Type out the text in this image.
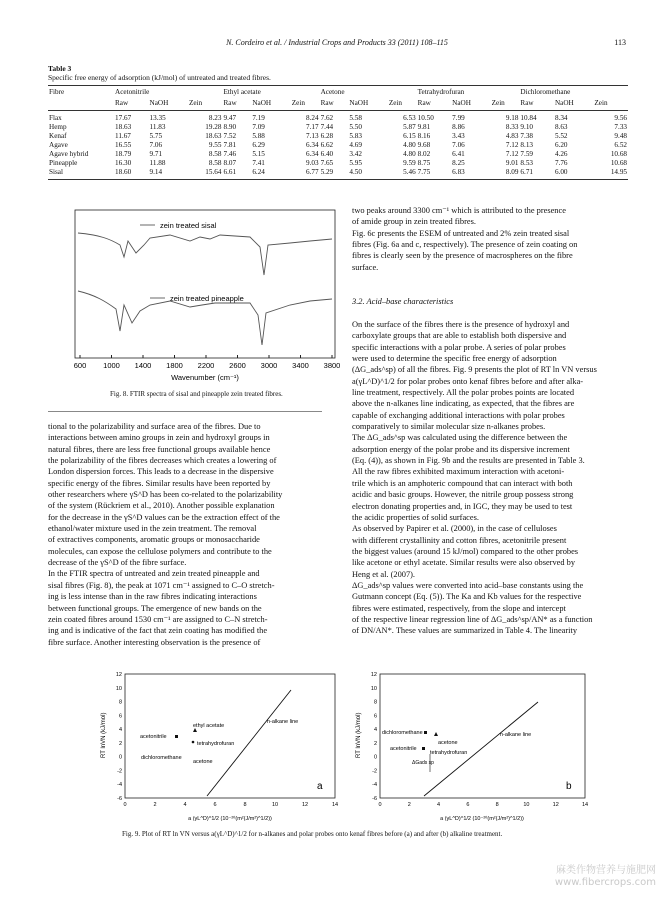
N. Cordeiro et al. / Industrial Crops and Products 33 (2011) 108–115	113
Table 3
Specific free energy of adsorption (kJ/mol) of untreated and treated fibres.
Fibre	Acetonitrile			Ethyl acetate			Acetone			Tetrahydrofuran			Dichloromethane		
	Raw	NaOH	Zein	Raw	NaOH	Zein	Raw	NaOH	Zein	Raw	NaOH	Zein	Raw	NaOH	Zein
Flax	17.67	13.35	8.23	9.47	7.19	8.24	7.62	5.58	6.53	10.50	7.99	9.18	10.84	8.34	9.56
Hemp	18.63	11.83	19.28	8.90	7.09	7.17	7.44	5.50	5.87	9.81	8.86	8.33	9.10	8.63	7.33
Kenaf	11.67	5.75	18.63	7.52	5.88	7.13	6.28	5.83	6.15	8.16	3.43	4.83	7.38	5.52	9.48
Agave	16.55	7.06	9.55	7.81	6.29	6.34	6.62	4.69	4.80	9.68	7.06	7.12	8.13	6.20	6.52
Agave hybrid	18.79	9.71	8.58	7.46	5.15	6.34	6.40	3.42	4.80	8.02	6.41	7.12	7.59	4.26	10.68
Pineapple	16.30	11.88	8.58	8.07	7.41	9.03	7.65	5.95	9.59	8.75	8.25	9.01	8.53	7.76	10.68
Sisal	18.60	9.14	15.64	6.61	6.24	6.77	5.29	4.50	5.46	7.75	6.83	8.09	6.71	6.00	14.95
zein treated sisal
zein treated pineapple
600 1000 1400 1800 2200 2600 3000 3400 3800
Wavenumber (cm⁻¹)
Fig. 8. FTIR spectra of sisal and pineapple zein treated fibres.
tional to the polarizability and surface area of the fibres. Due to
interactions between amino groups in zein and hydroxyl groups in
natural fibres, there are less free functional groups available hence
the polarizability of the fibres decreases which creates a lowering of
London dispersion forces. This leads to a decrease in the dispersive
specific energy of the fibres. Similar results have been reported by
other researchers where γS^D has been co-related to the polarizability
of the system (Rückriem et al., 2010). Another possible explanation
for the decrease in the γS^D values can be the extraction effect of the
ethanol/water mixture used in the zein treatment. The removal
of extractives components, aromatic groups or monosaccharide
molecules, can expose the cellulose polymers and contribute to the
decrease of the γS^D of the fibre surface.
In the FTIR spectra of untreated and zein treated pineapple and
sisal fibres (Fig. 8), the peak at 1071 cm⁻¹ assigned to C–O stretch-
ing is less intense than in the raw fibres indicating interactions
between functional groups. The emergence of new bands on the
zein coated fibres around 1530 cm⁻¹ are assigned to C–N stretch-
ing and is indicative of the fact that zein coating has modified the
fibre surface. Another interesting observation is the presence of
two peaks around 3300 cm⁻¹ which is attributed to the presence
of amide group in zein treated fibres.
Fig. 6c presents the ESEM of untreated and 2% zein treated sisal
fibres (Fig. 6a and c, respectively). The presence of zein coating on
fibres is clearly seen by the presence of macrospheres on the fibre
surface.
3.2. Acid–base characteristics
On the surface of the fibres there is the presence of hydroxyl and
carboxylate groups that are able to establish both dispersive and
specific interactions with a polar probe. A series of polar probes
were used to determine the specific free energy of adsorption
(ΔG_ads^sp) of all the fibres. Fig. 9 presents the plot of RT ln VN versus
a(γL^D)^1/2 for polar probes onto kenaf fibres before and after alka-
line treatment, respectively. All the polar probes points are located
above the n-alkanes line indicating, as expected, that the fibres are
capable of exchanging additional interactions with polar probes
comparatively to similar molecular size n-alkanes probes.
The ΔG_ads^sp was calculated using the difference between the
adsorption energy of the polar probe and its dispersive increment
(Eq. (4)), as shown in Fig. 9b and the results are presented in Table 3.
All the raw fibres exhibited maximum interaction with acetoni-
trile which is an amphoteric compound that can interact with both
acidic and basic groups. However, the nitrile group possess strong
electron donating properties and, in IGC, they may be used to test
the acidic properties of solid surfaces.
As observed by Papirer et al. (2000), in the case of celluloses
with different crystallinity and cotton fibres, acetonitrile present
the biggest values (around 15 kJ/mol) compared to the other probes
like acetone or ethyl acetate. Similar results were also observed by
Heng et al. (2007).
ΔG_ads^sp values were converted into acid–base constants using the
Gutmann concept (Eq. (5)). The Ka and Kb values for the respective
fibres were estimated, respectively, from the slope and intercept
of the respective linear regression line of ΔG_ads^sp/AN* as a function
of DN/AN*. These values are summarized in Table 4. The linearity
12
10
8
6
4
2
0
-2
-4
-6
0	2	4	6	8	10	12	14
acetonitrile
ethyl acetate
tetrahydrofuran
dichloromethane
acetone
n-alkane line
a
RT lnVN (kJ/mol)
a (γL^D)^1/2 (10⁻²⁰(m²(J/m²)^1/2))
12
10
8
6
4
2
0
-2
-4
-6
0	2	4	6	8	10	12	14
dichloromethane
acetone
acetonitrile
tetrahydrofuran
ΔGads sp
n-alkane line
b
RT lnVN (kJ/mol)
a (γL^D)^1/2 (10⁻²⁰(m²(J/m²)^1/2))
Fig. 9. Plot of RT ln VN versus a(γL^D)^1/2 for n-alkanes and polar probes onto kenaf fibres before (a) and after (b) alkaline treatment.
麻类作物营养与施肥网
www.fibercrops.com
